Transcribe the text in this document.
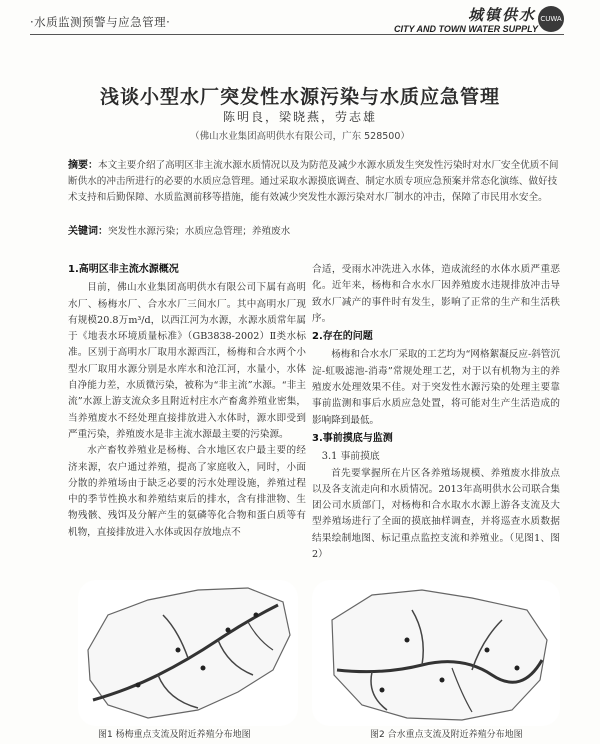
·水质监测预警与应急管理·	城镇供水
CITY AND TOWN WATER SUPPLY
CUWA
浅谈小型水厂突发性水源污染与水质应急管理
陈明良，梁晓燕，劳志雄
（佛山水业集团高明供水有限公司，广东 528500）
摘要：本文主要介绍了高明区非主流水源水质情况以及为防范及减少水源水质发生突发性污染时对水厂安全优质不间断供水的冲击所进行的必要的水质应急管理。通过采取水源摸底调查、制定水质专项应急预案并常态化演练、做好技术支持和后勤保障、水质监测前移等措施，能有效减少突发性水源污染对水厂制水的冲击，保障了市民用水安全。
关键词：突发性水源污染；水质应急管理；养殖废水
1.高明区非主流水源概况

目前，佛山水业集团高明供水有限公司下属有高明水厂、杨梅水厂、合水水厂三间水厂。其中高明水厂现有规模20.8万m³/d，以西江河为水源，水源水质常年属于《地表水环境质量标准》（GB3838-2002）Ⅱ类水标准。区别于高明水厂取用水源西江，杨梅和合水两个小型水厂取用水源分别是水库水和沧江河，水量小，水体自净能力差，水质微污染，被称为“非主流”水源。“非主流”水源上游支流众多且附近村庄水产畜禽养殖业密集，当养殖废水不经处理直接排放进入水体时，源水即受到严重污染，养殖废水是非主流水源最主要的污染源。

水产畜牧养殖业是杨梅、合水地区农户最主要的经济来源，农户通过养殖，提高了家庭收入，同时，小面分散的养殖场由于缺乏必要的污水处理设施，养殖过程中的季节性换水和养殖结束后的排水，含有排泄物、生物残骸、残饵及分解产生的氨磷等化合物和蛋白质等有机物，直接排放进入水体或因存放地点不

合适，受雨水冲洗进入水体，造成流经的水体水质严重恶化。近年来，杨梅和合水水厂因养殖废水违规排放冲击导致水厂减产的事件时有发生，影响了正常的生产和生活秩序。

2.存在的问题

杨梅和合水水厂采取的工艺均为“网格絮凝反应-斜管沉淀-虹吸滤池-消毒”常规处理工艺，对于以有机物为主的养殖废水处理效果不佳。对于突发性水源污染的处理主要靠事前监测和事后水质应急处置，将可能对生产生活造成的影响降到最低。

3.事前摸底与监测
3.1 事前摸底

首先要掌握所在片区各养殖场规模、养殖废水排放点以及各支流走向和水质情况。2013年高明供水公司联合集团公司水质部门，对杨梅和合水取水水源上游各支流及大型养殖场进行了全面的摸底抽样调查，并将巡查水质数据结果绘制地图、标记重点监控支流和养殖业。（见图1、图2）

图1 杨梅重点支流及附近养殖分布地图	图2 合水重点支流及附近养殖分布地图
